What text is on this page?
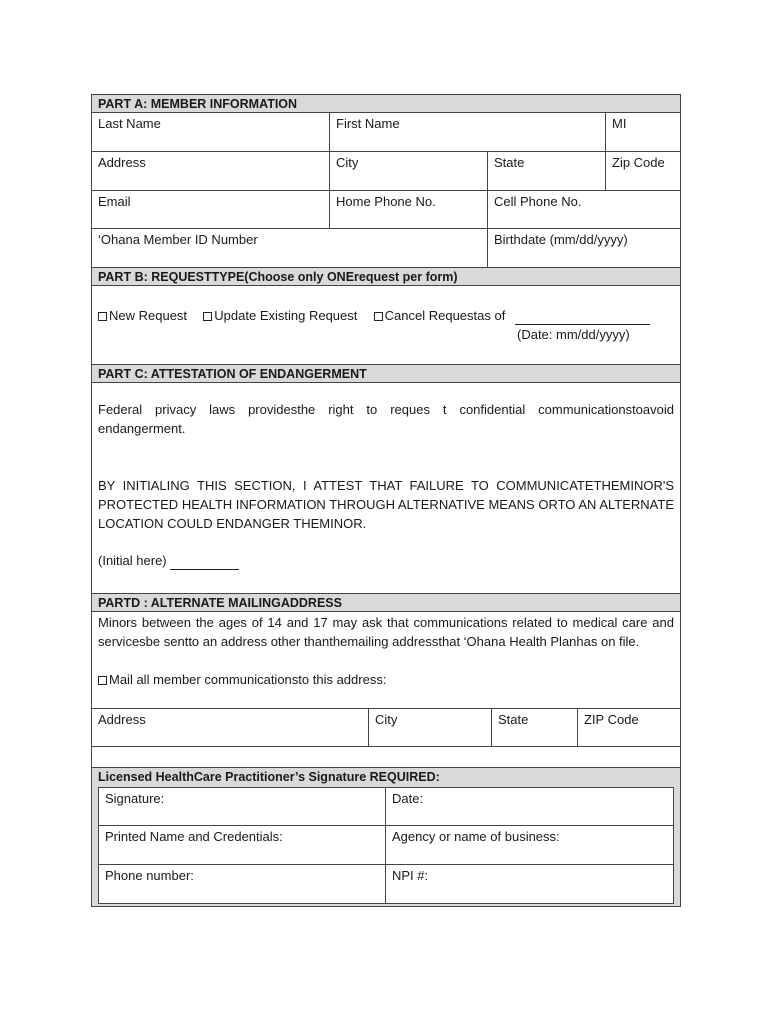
PART A: MEMBER INFORMATION
Last Name	First Name	MI
Address	City	State	Zip Code
Email	Home Phone No.	Cell Phone No.
‘Ohana Member ID Number	Birthdate (mm/dd/yyyy)
PART B: REQUESTTYPE(Choose only ONErequest per form)
New Request Update Existing Request Cancel Requestas of
(Date: mm/dd/yyyy)
PART C: ATTESTATION OF ENDANGERMENT
Federal privacy laws providesthe right to reques t confidential communicationstoavoid endangerment.
BY INITIALING THIS SECTION, I ATTEST THAT FAILURE TO COMMUNICATETHEMINOR'S PROTECTED HEALTH INFORMATION THROUGH ALTERNATIVE MEANS ORTO AN ALTERNATE LOCATION COULD ENDANGER THEMINOR.
(Initial here)
PARTD : ALTERNATE MAILINGADDRESS
Minors between the ages of 14 and 17 may ask that communications related to medical care and servicesbe sentto an address other thanthemailing addressthat ‘Ohana Health Planhas on file.
Mail all member communicationsto this address:
Address	City	State	ZIP Code
Licensed HealthCare Practitioner’s Signature REQUIRED:
Signature:	Date:
Printed Name and Credentials:	Agency or name of business:
Phone number:	NPI #:
